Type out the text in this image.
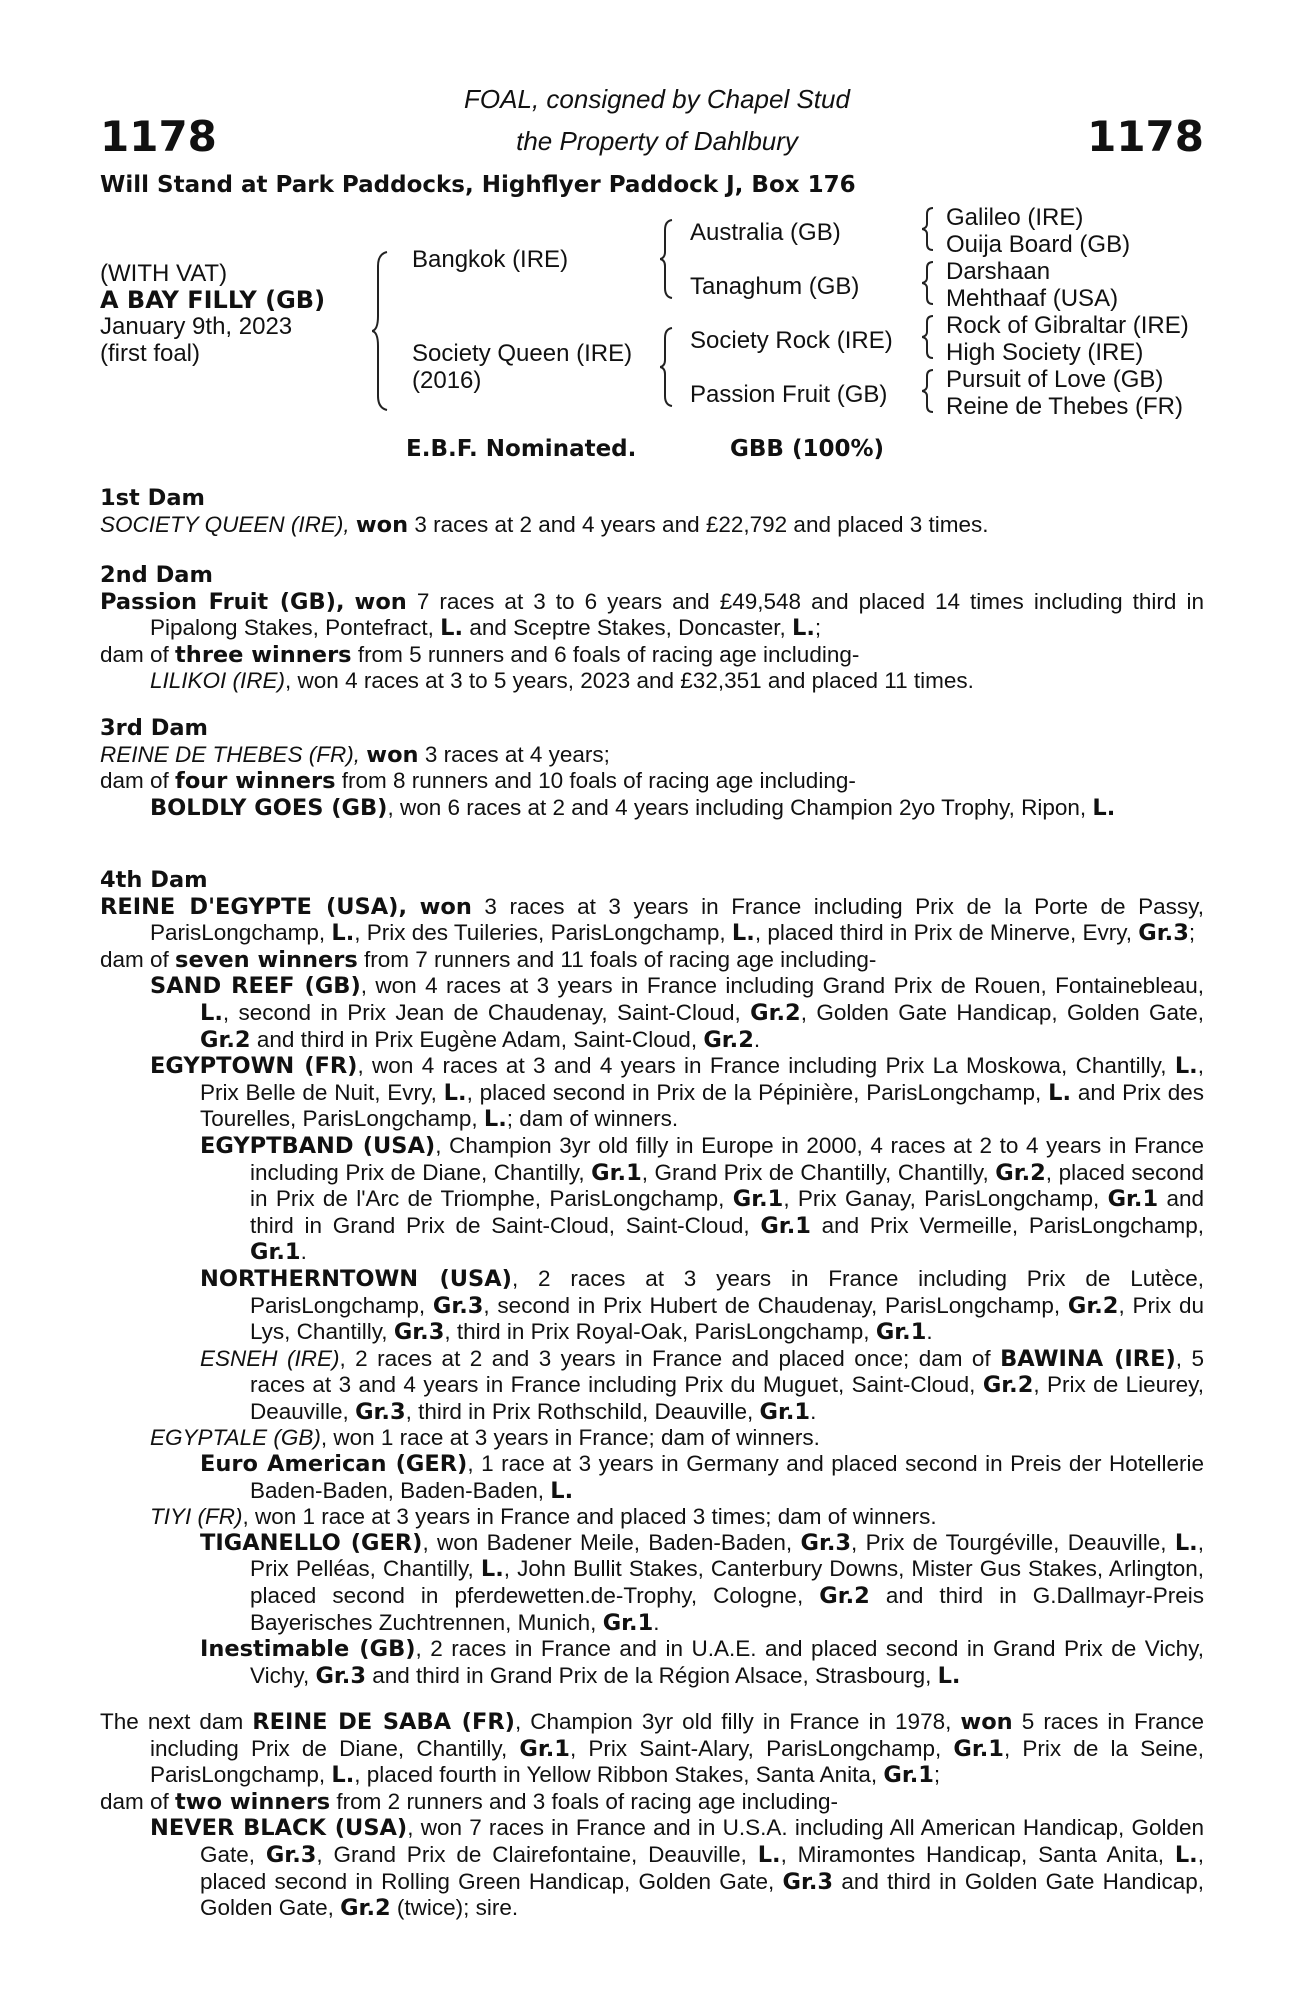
1178	1178
FOAL, consigned by Chapel Stud
the Property of Dahlbury
Will Stand at Park Paddocks, Highflyer Paddock J, Box 176
(WITH VAT)
A BAY FILLY (GB)
January 9th, 2023
(first foal)
Bangkok (IRE)
Society Queen (IRE)
(2016)
Australia (GB)
Tanaghum (GB)
Society Rock (IRE)
Passion Fruit (GB)
Galileo (IRE)
Ouija Board (GB)
Darshaan
Mehthaaf (USA)
Rock of Gibraltar (IRE)
High Society (IRE)
Pursuit of Love (GB)
Reine de Thebes (FR)
E.B.F. Nominated.	GBB (100%)
1st Dam

SOCIETY QUEEN (IRE), won 3 races at 2 and 4 years and £22,792 and placed 3 times.

2nd Dam

Passion Fruit (GB), won 7 races at 3 to 6 years and £49,548 and placed 14 times including third in Pipalong Stakes, Pontefract, L. and Sceptre Stakes, Doncaster, L.;

dam of three winners from 5 runners and 6 foals of racing age including-

LILIKOI (IRE), won 4 races at 3 to 5 years, 2023 and £32,351 and placed 11 times.

3rd Dam

REINE DE THEBES (FR), won 3 races at 4 years;

dam of four winners from 8 runners and 10 foals of racing age including-

BOLDLY GOES (GB), won 6 races at 2 and 4 years including Champion 2yo Trophy, Ripon, L.

4th Dam

REINE D'EGYPTE (USA), won 3 races at 3 years in France including Prix de la Porte de Passy, ParisLongchamp, L., Prix des Tuileries, ParisLongchamp, L., placed third in Prix de Minerve, Evry, Gr.3;

dam of seven winners from 7 runners and 11 foals of racing age including-

SAND REEF (GB), won 4 races at 3 years in France including Grand Prix de Rouen, Fontainebleau, L., second in Prix Jean de Chaudenay, Saint-Cloud, Gr.2, Golden Gate Handicap, Golden Gate, Gr.2 and third in Prix Eugène Adam, Saint-Cloud, Gr.2.

EGYPTOWN (FR), won 4 races at 3 and 4 years in France including Prix La Moskowa, Chantilly, L., Prix Belle de Nuit, Evry, L., placed second in Prix de la Pépinière, ParisLongchamp, L. and Prix des Tourelles, ParisLongchamp, L.; dam of winners.

EGYPTBAND (USA), Champion 3yr old filly in Europe in 2000, 4 races at 2 to 4 years in France including Prix de Diane, Chantilly, Gr.1, Grand Prix de Chantilly, Chantilly, Gr.2, placed second in Prix de l'Arc de Triomphe, ParisLongchamp, Gr.1, Prix Ganay, ParisLongchamp, Gr.1 and third in Grand Prix de Saint-Cloud, Saint-Cloud, Gr.1 and Prix Vermeille, ParisLongchamp, Gr.1.

NORTHERNTOWN (USA), 2 races at 3 years in France including Prix de Lutèce, ParisLongchamp, Gr.3, second in Prix Hubert de Chaudenay, ParisLongchamp, Gr.2, Prix du Lys, Chantilly, Gr.3, third in Prix Royal-Oak, ParisLongchamp, Gr.1.

ESNEH (IRE), 2 races at 2 and 3 years in France and placed once; dam of BAWINA (IRE), 5 races at 3 and 4 years in France including Prix du Muguet, Saint-Cloud, Gr.2, Prix de Lieurey, Deauville, Gr.3, third in Prix Rothschild, Deauville, Gr.1.

EGYPTALE (GB), won 1 race at 3 years in France; dam of winners.

Euro American (GER), 1 race at 3 years in Germany and placed second in Preis der Hotellerie Baden-Baden, Baden-Baden, L.

TIYI (FR), won 1 race at 3 years in France and placed 3 times; dam of winners.

TIGANELLO (GER), won Badener Meile, Baden-Baden, Gr.3, Prix de Tourgéville, Deauville, L., Prix Pelléas, Chantilly, L., John Bullit Stakes, Canterbury Downs, Mister Gus Stakes, Arlington, placed second in pferdewetten.de-Trophy, Cologne, Gr.2 and third in G.Dallmayr-Preis Bayerisches Zuchtrennen, Munich, Gr.1.

Inestimable (GB), 2 races in France and in U.A.E. and placed second in Grand Prix de Vichy, Vichy, Gr.3 and third in Grand Prix de la Région Alsace, Strasbourg, L.

The next dam REINE DE SABA (FR), Champion 3yr old filly in France in 1978, won 5 races in France including Prix de Diane, Chantilly, Gr.1, Prix Saint-Alary, ParisLongchamp, Gr.1, Prix de la Seine, ParisLongchamp, L., placed fourth in Yellow Ribbon Stakes, Santa Anita, Gr.1;

dam of two winners from 2 runners and 3 foals of racing age including-

NEVER BLACK (USA), won 7 races in France and in U.S.A. including All American Handicap, Golden Gate, Gr.3, Grand Prix de Clairefontaine, Deauville, L., Miramontes Handicap, Santa Anita, L., placed second in Rolling Green Handicap, Golden Gate, Gr.3 and third in Golden Gate Handicap, Golden Gate, Gr.2 (twice); sire.
